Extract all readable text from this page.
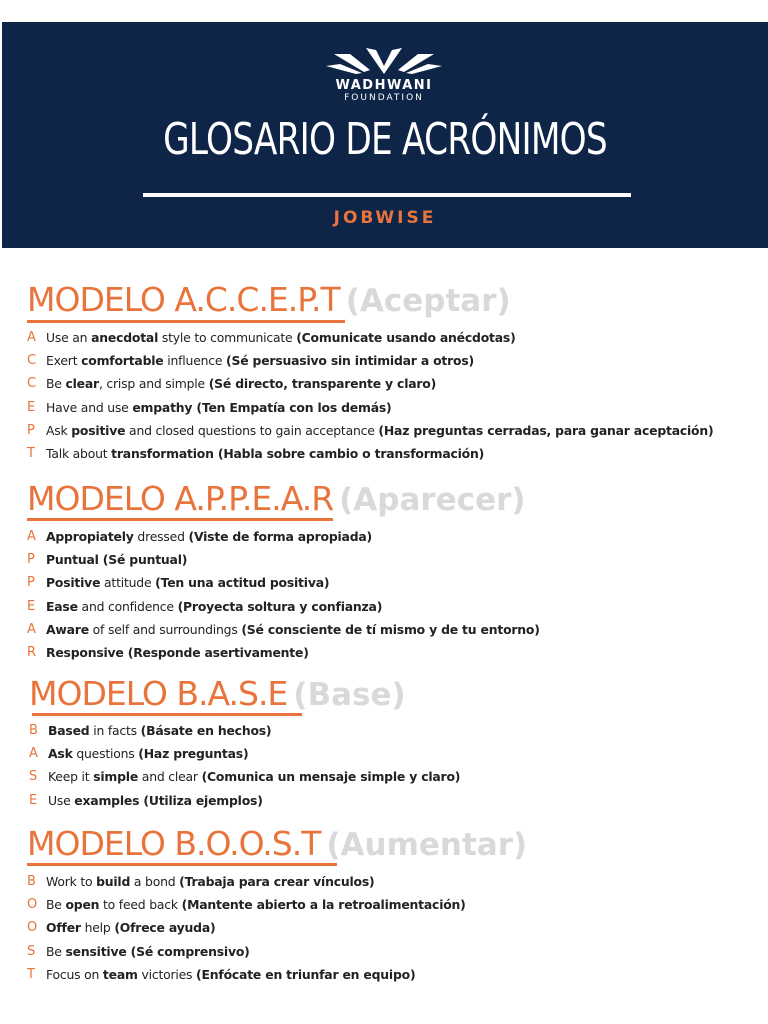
WADHWANI
FOUNDATION
GLOSARIO DE ACRÓNIMOS
JOBWISE
MODELO A.C.C.E.P.T (Aceptar)
A Use an anecdotal style to communicate (Comunicate usando anécdotas)
C Exert comfortable influence (Sé persuasivo sin intimidar a otros)
C Be clear, crisp and simple (Sé directo, transparente y claro)
E Have and use empathy (Ten Empatía con los demás)
P Ask positive and closed questions to gain acceptance (Haz preguntas cerradas, para ganar aceptación)
T Talk about transformation (Habla sobre cambio o transformación)
MODELO A.P.P.E.A.R (Aparecer)
A Appropiately dressed (Viste de forma apropiada)
P Puntual (Sé puntual)
P Positive attitude (Ten una actitud positiva)
E Ease and confidence (Proyecta soltura y confianza)
A Aware of self and surroundings (Sé consciente de tí mismo y de tu entorno)
R Responsive (Responde asertivamente)
MODELO B.A.S.E (Base)
B Based in facts (Básate en hechos)
A Ask questions (Haz preguntas)
S Keep it simple and clear (Comunica un mensaje simple y claro)
E Use examples (Utiliza ejemplos)
MODELO B.O.O.S.T (Aumentar)
B Work to build a bond (Trabaja para crear vínculos)
O Be open to feed back (Mantente abierto a la retroalimentación)
O Offer help (Ofrece ayuda)
S Be sensitive (Sé comprensivo)
T Focus on team victories (Enfócate en triunfar en equipo)
